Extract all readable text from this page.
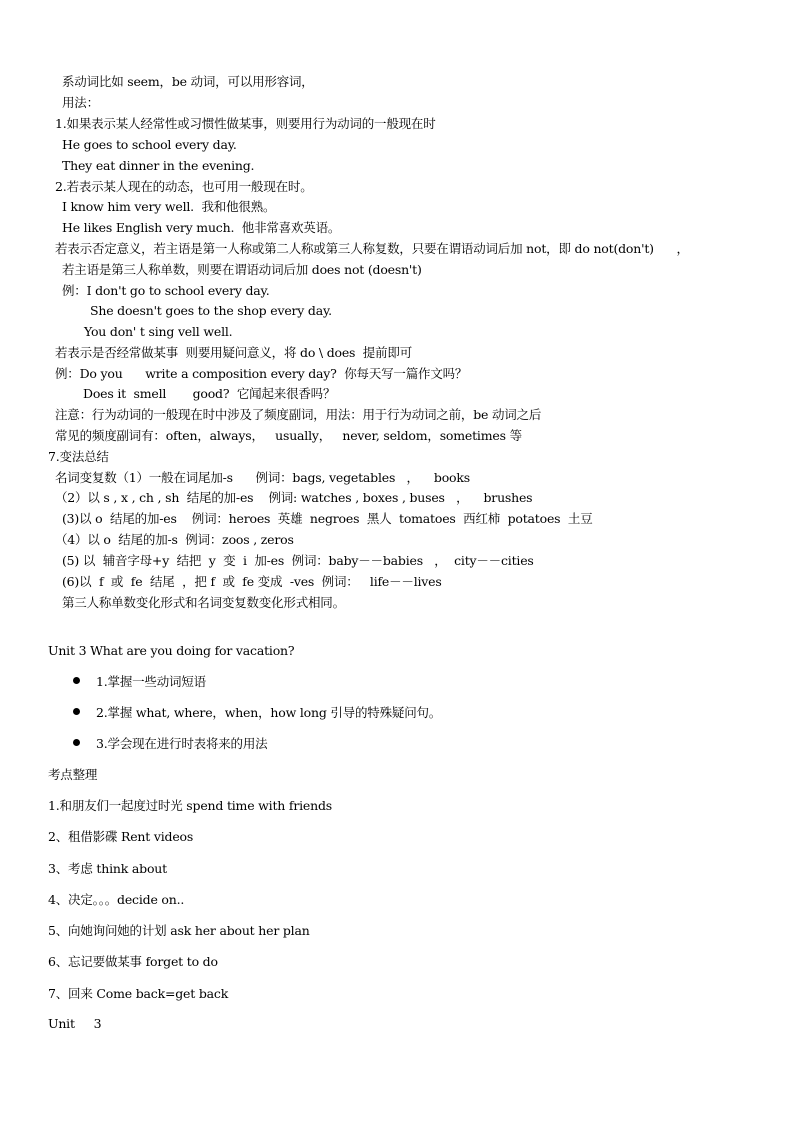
系动词比如 seem，be 动词，可以用形容词，
用法：
1.如果表示某人经常性或习惯性做某事，则要用行为动词的一般现在时
He goes to school every day.
They eat dinner in the evening.
2.若表示某人现在的动态，也可用一般现在时。
I know him very well.  我和他很熟。
He likes English very much.  他非常喜欢英语。
若表示否定意义，若主语是第一人称或第二人称或第三人称复数，只要在谓语动词后加 not，即 do not(don't)      ，
若主语是第三人称单数，则要在谓语动词后加 does not (doesn't)
例：I don't go to school every day.
She doesn't goes to the shop every day.
You don' t sing vell well.
若表示是否经常做某事  则要用疑问意义，将 do \ does  提前即可
例：Do you      write a composition every day?  你每天写一篇作文吗？
Does it  smell       good?  它闻起来很香吗？
注意：行为动词的一般现在时中涉及了频度副词，用法：用于行为动词之前，be 动词之后
常见的频度副词有：often，always，   usually，   never, seldom，sometimes 等
7.变法总结
名词变复数（1）一般在词尾加-s      例词：bags, vegetables   ，    books
（2）以 s , x , ch , sh  结尾的加-es    例词: watches , boxes , buses   ，    brushes
(3)以 o  结尾的加-es    例词：heroes  英雄  negroes  黑人  tomatoes  西红柿  potatoes  土豆
（4）以 o  结尾的加-s  例词：zoos , zeros
(5) 以  辅音字母+y  结把  y  变  i  加-es  例词：baby－－babies   ，  city－－cities
(6)以  f  或  fe  结尾  ，把 f  或  fe 变成  -ves  例词：   life－－lives
第三人称单数变化形式和名词变复数变化形式相同。
Unit 3 What are you doing for vacation?
1.掌握一些动词短语
2.掌握 what, where，when，how long 引导的特殊疑问句。
3.学会现在进行时表将来的用法
考点整理
1.和朋友们一起度过时光 spend time with friends
2、租借影碟 Rent videos
3、考虑 think about
4、决定。。。decide on..
5、向她询问她的计划 ask her about her plan
6、忘记要做某事 forget to do
7、回来 Come back=get back
Unit     3
